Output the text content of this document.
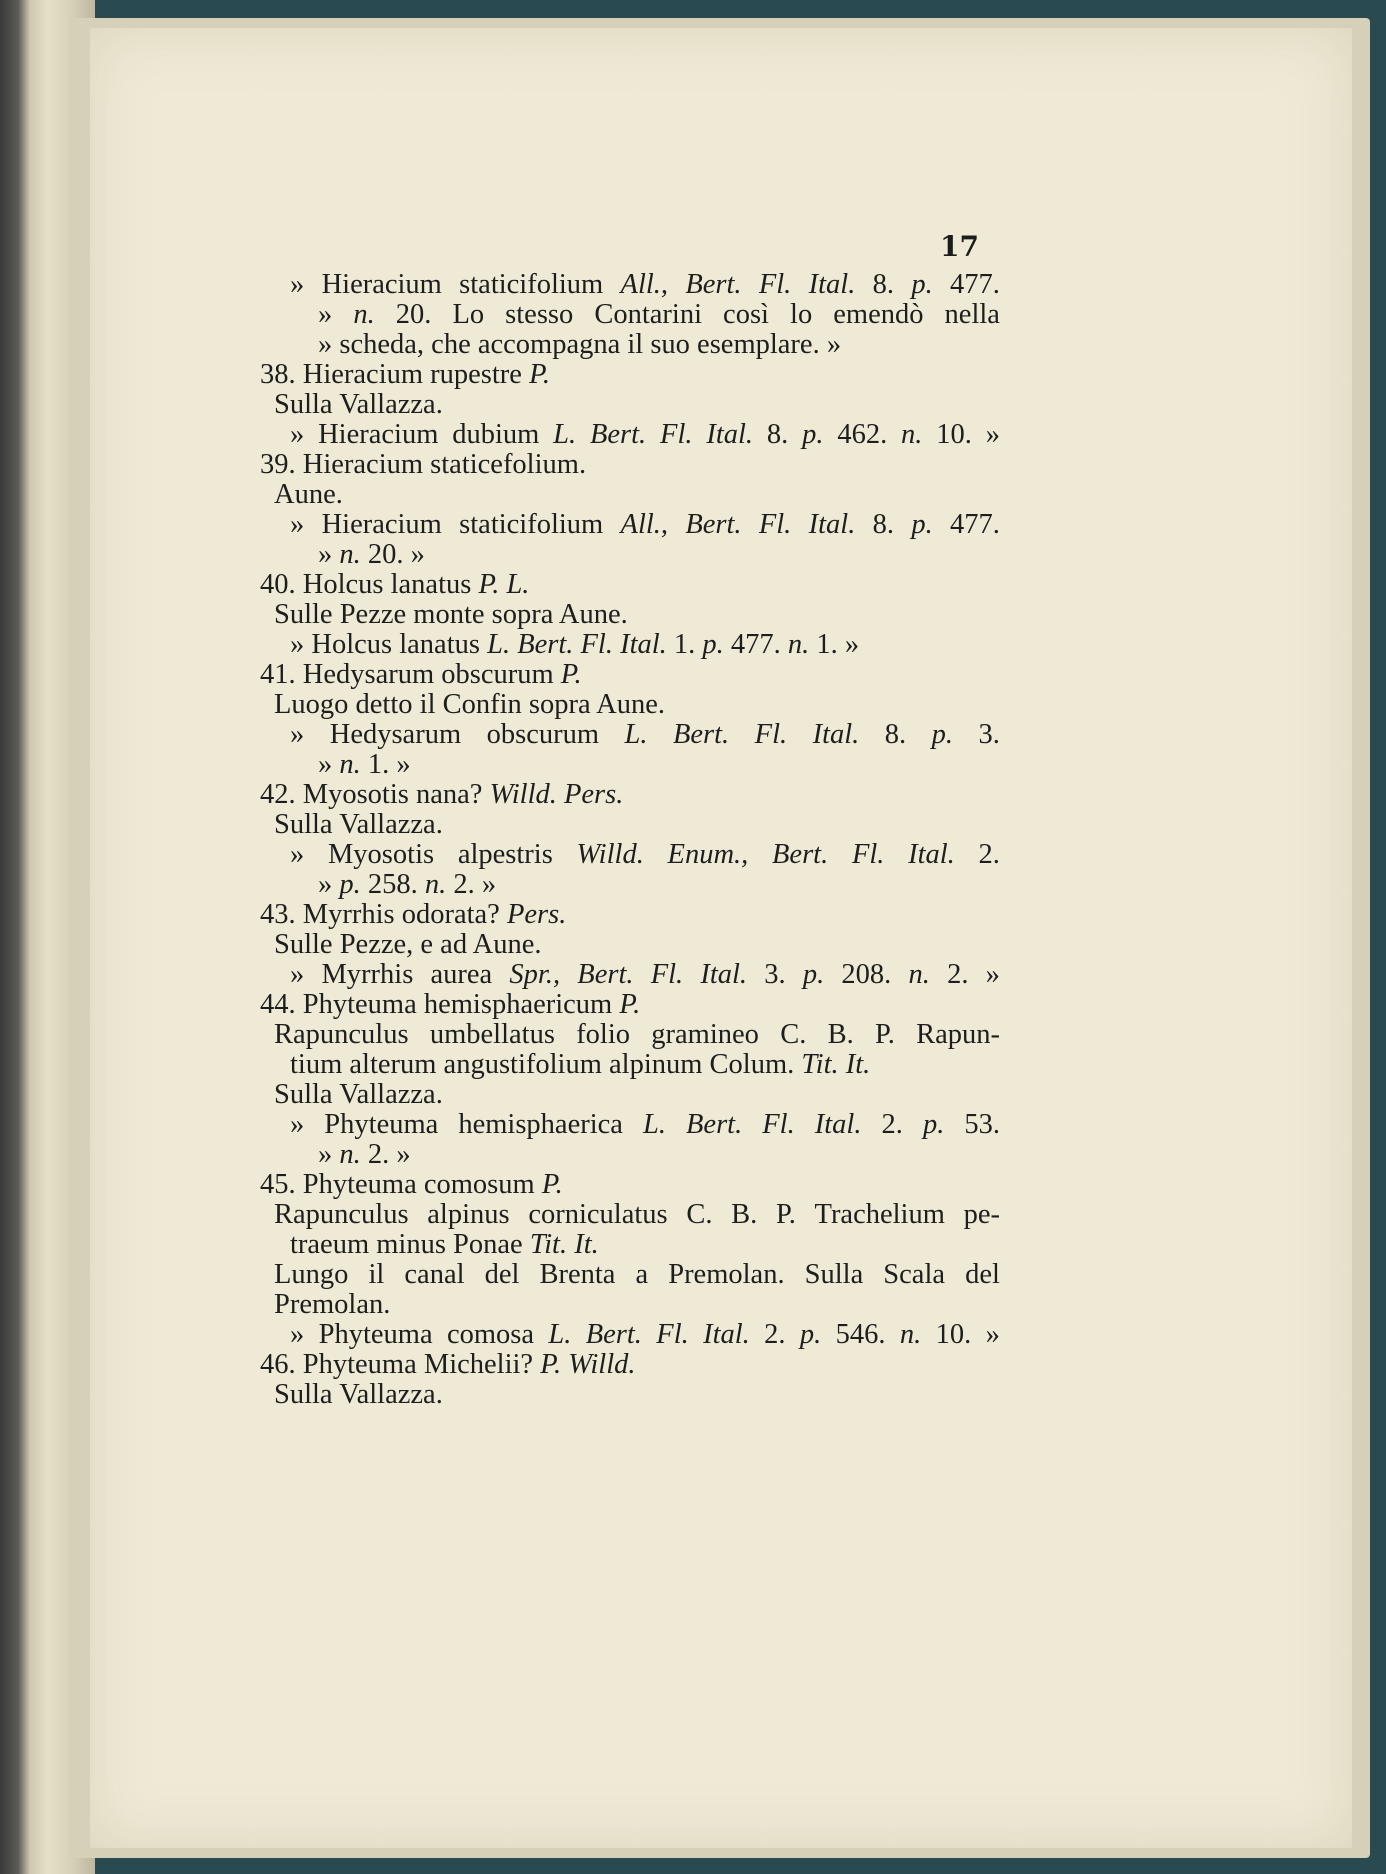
17
» Hieracium staticifolium All., Bert. Fl. Ital. 8. p. 477.
» n. 20. Lo stesso Contarini così lo emendò nella
» scheda, che accompagna il suo esemplare. »
38. Hieracium rupestre P.
Sulla Vallazza.
» Hieracium dubium L. Bert. Fl. Ital. 8. p. 462. n. 10. »
39. Hieracium staticefolium.
Aune.
» Hieracium staticifolium All., Bert. Fl. Ital. 8. p. 477.
» n. 20. »
40. Holcus lanatus P. L.
Sulle Pezze monte sopra Aune.
» Holcus lanatus L. Bert. Fl. Ital. 1. p. 477. n. 1. »
41. Hedysarum obscurum P.
Luogo detto il Confin sopra Aune.
» Hedysarum obscurum L. Bert. Fl. Ital. 8. p. 3.
» n. 1. »
42. Myosotis nana? Willd. Pers.
Sulla Vallazza.
» Myosotis alpestris Willd. Enum., Bert. Fl. Ital. 2.
» p. 258. n. 2. »
43. Myrrhis odorata? Pers.
Sulle Pezze, e ad Aune.
» Myrrhis aurea Spr., Bert. Fl. Ital. 3. p. 208. n. 2. »
44. Phyteuma hemisphaericum P.
Rapunculus umbellatus folio gramineo C. B. P. Rapun-
tium alterum angustifolium alpinum Colum. Tit. It.
Sulla Vallazza.
» Phyteuma hemisphaerica L. Bert. Fl. Ital. 2. p. 53.
» n. 2. »
45. Phyteuma comosum P.
Rapunculus alpinus corniculatus C. B. P. Trachelium pe-
traeum minus Ponae Tit. It.
Lungo il canal del Brenta a Premolan. Sulla Scala del
Premolan.
» Phyteuma comosa L. Bert. Fl. Ital. 2. p. 546. n. 10. »
46. Phyteuma Michelii? P. Willd.
Sulla Vallazza.
